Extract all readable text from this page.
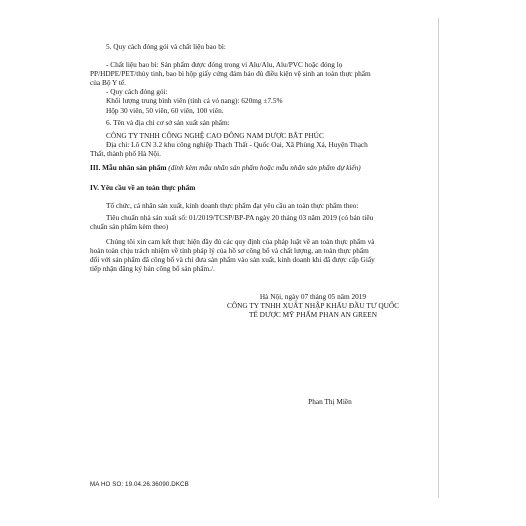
5. Quy cách đóng gói và chất liệu bao bì:
- Chất liệu bao bì: Sản phẩm được đóng trong vỉ Alu/Alu, Alu/PVC hoặc đóng lọ
PP/HDPE/PET/thủy tinh, bao bì hộp giấy cứng đảm bảo đủ điều kiện vệ sinh an toàn thực phẩm
của Bộ Y tế.
- Quy cách đóng gói:
Khối lượng trung bình viên (tính cả vỏ nang): 620mg ±7.5%
Hộp 30 viên, 50 viên, 60 viên, 100 viên.
6. Tên và địa chỉ cơ sở sản xuất sản phẩm:
CÔNG TY TNHH CÔNG NGHỆ CAO ĐÔNG NAM DƯỢC BẮT PHÚC
Địa chỉ: Lô CN 3.2 khu công nghiệp Thạch Thất - Quốc Oai, Xã Phùng Xá, Huyện Thạch
Thất, thành phố Hà Nội.
III. Mẫu nhãn sản phẩm (đính kèm mẫu nhãn sản phẩm hoặc mẫu nhãn sản phẩm dự kiến)
IV. Yêu cầu về an toàn thực phẩm
Tổ chức, cá nhân sản xuất, kinh doanh thực phẩm đạt yêu cầu an toàn thực phẩm theo:
Tiêu chuẩn nhà sản xuất số: 01/2019/TCSP/BP-PA ngày 20 tháng 03 năm 2019 (có bản tiêu
chuẩn sản phẩm kèm theo)
Chúng tôi xin cam kết thực hiện đầy đủ các quy định của pháp luật về an toàn thực phẩm và
hoàn toàn chịu trách nhiệm về tính pháp lý của hồ sơ công bố và chất lượng, an toàn thực phẩm
đối với sản phẩm đã công bố và chỉ đưa sản phẩm vào sản xuất, kinh doanh khi đã được cấp Giấy
tiếp nhận đăng ký bản công bố sản phẩm./.
Hà Nội, ngày 07 tháng 05 năm 2019
CÔNG TY TNHH XUẤT NHẬP KHẨU ĐẦU TƯ QUỐC
TẾ DƯỢC MỸ PHẨM PHAN AN GREEN
Phan Thị Miền
MA HO SO: 19.04.26.36090.DKCB
